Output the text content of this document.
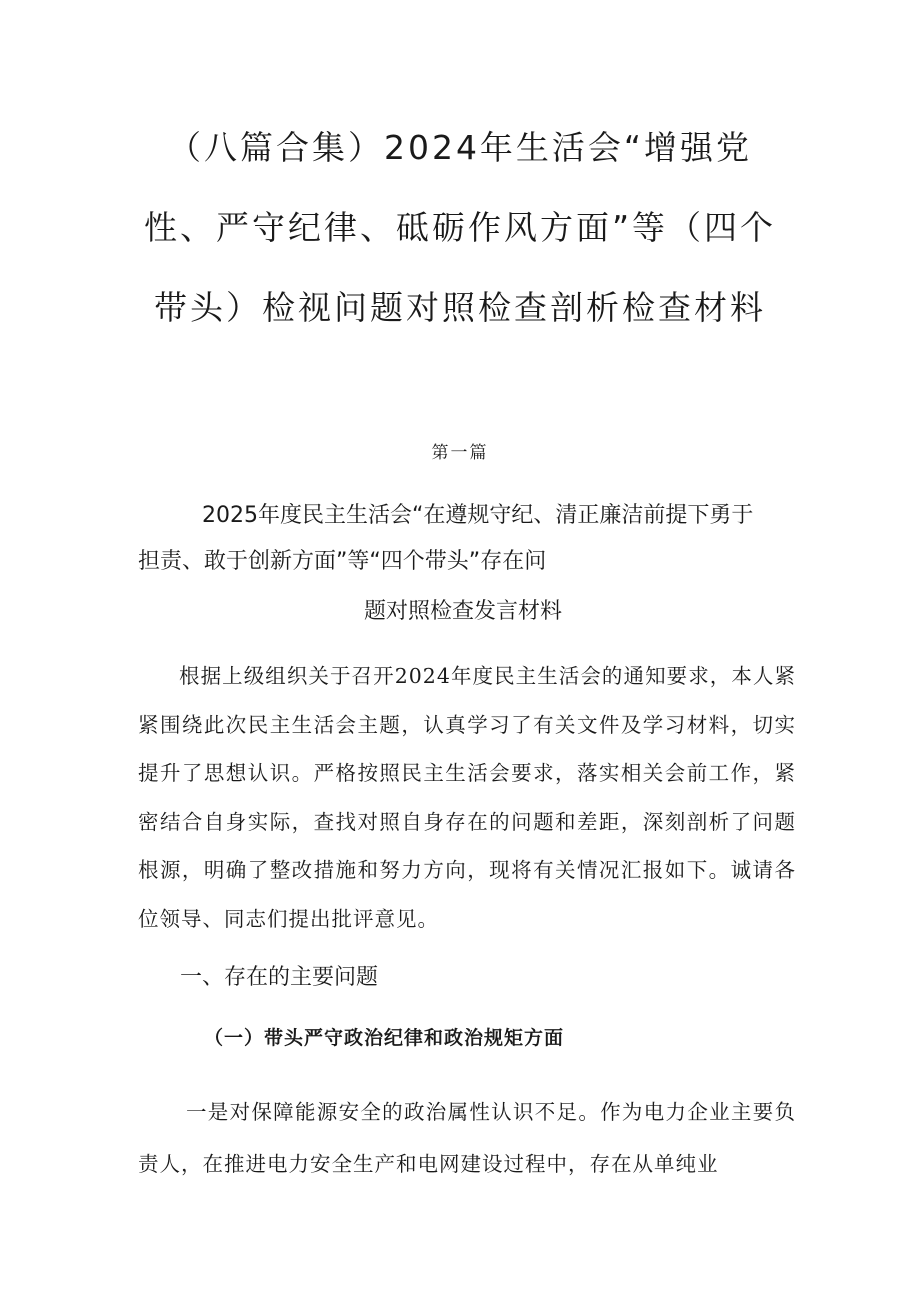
（八篇合集）2024年生活会“增强党性、严守纪律、砥砺作风方面”等（四个带头）检视问题对照检查剖析检查材料
第一篇
2025年度民主生活会“在遵规守纪、清正廉洁前提下勇于
担责、敢于创新方面”等“四个带头”存在问
题对照检查发言材料

根据上级组织关于召开2024年度民主生活会的通知要求，本人紧紧围绕此次民主生活会主题，认真学习了有关文件及学习材料，切实提升了思想认识。严格按照民主生活会要求，落实相关会前工作，紧密结合自身实际，查找对照自身存在的问题和差距，深刻剖析了问题根源，明确了整改措施和努力方向，现将有关情况汇报如下。诚请各位领导、同志们提出批评意见。

一、存在的主要问题
（一）带头严守政治纪律和政治规矩方面

一是对保障能源安全的政治属性认识不足。作为电力企业主要负责人，在推进电力安全生产和电网建设过程中，存在从单纯业
